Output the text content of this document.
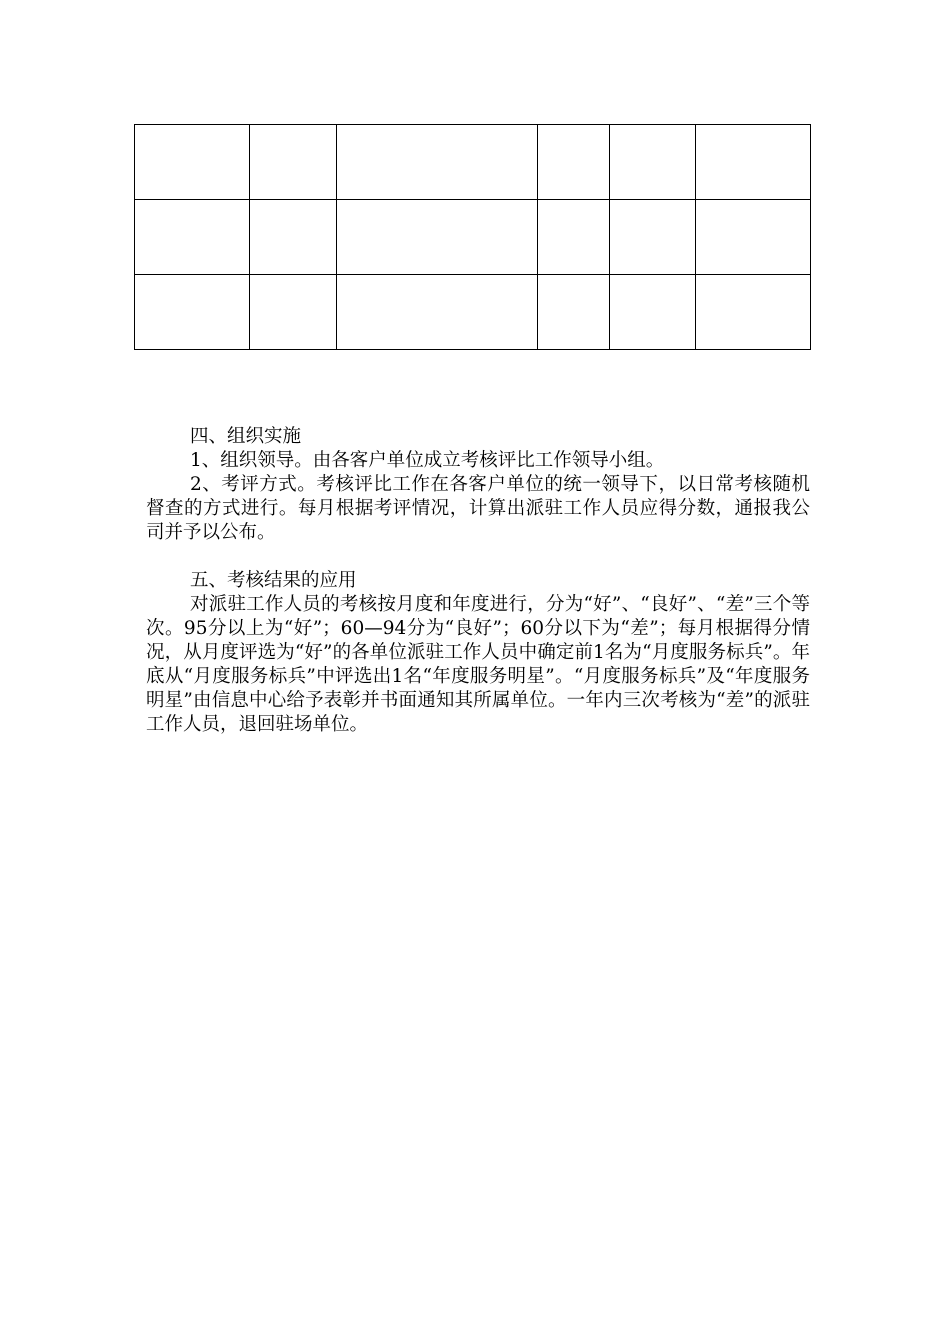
四、组织实施

1、组织领导。由各客户单位成立考核评比工作领导小组。

2、考评方式。考核评比工作在各客户单位的统一领导下，以日常考核随机督查的方式进行。每月根据考评情况，计算出派驻工作人员应得分数，通报我公司并予以公布。

五、考核结果的应用

对派驻工作人员的考核按月度和年度进行，分为“好”、“良好”、“差”三个等次。95分以上为“好”；60—94分为“良好”；60分以下为“差”；每月根据得分情况，从月度评选为“好”的各单位派驻工作人员中确定前1名为“月度服务标兵”。年底从“月度服务标兵”中评选出1名“年度服务明星”。“月度服务标兵”及“年度服务明星”由信息中心给予表彰并书面通知其所属单位。一年内三次考核为“差”的派驻工作人员，退回驻场单位。
